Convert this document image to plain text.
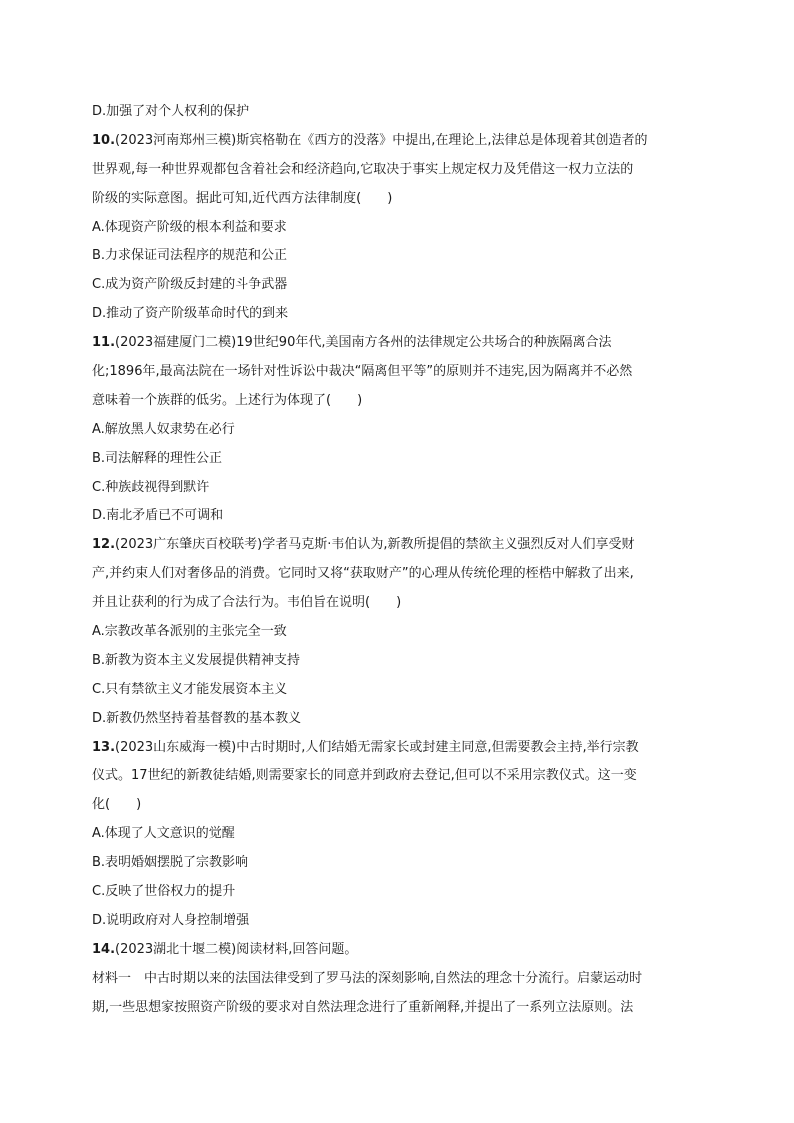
D.加强了对个人权利的保护
10.(2023河南郑州三模)斯宾格勒在《西方的没落》中提出,在理论上,法律总是体现着其创造者的
世界观,每一种世界观都包含着社会和经济趋向,它取决于事实上规定权力及凭借这一权力立法的
阶级的实际意图。据此可知,近代西方法律制度(　　)
A.体现资产阶级的根本利益和要求
B.力求保证司法程序的规范和公正
C.成为资产阶级反封建的斗争武器
D.推动了资产阶级革命时代的到来
11.(2023福建厦门二模)19世纪90年代,美国南方各州的法律规定公共场合的种族隔离合法
化;1896年,最高法院在一场针对性诉讼中裁决“隔离但平等”的原则并不违宪,因为隔离并不必然
意味着一个族群的低劣。上述行为体现了(　　)
A.解放黑人奴隶势在必行
B.司法解释的理性公正
C.种族歧视得到默许
D.南北矛盾已不可调和
12.(2023广东肇庆百校联考)学者马克斯·韦伯认为,新教所提倡的禁欲主义强烈反对人们享受财
产,并约束人们对奢侈品的消费。它同时又将“获取财产”的心理从传统伦理的桎梏中解救了出来,
并且让获利的行为成了合法行为。韦伯旨在说明(　　)
A.宗教改革各派别的主张完全一致
B.新教为资本主义发展提供精神支持
C.只有禁欲主义才能发展资本主义
D.新教仍然坚持着基督教的基本教义
13.(2023山东威海一模)中古时期时,人们结婚无需家长或封建主同意,但需要教会主持,举行宗教
仪式。17世纪的新教徒结婚,则需要家长的同意并到政府去登记,但可以不采用宗教仪式。这一变
化(　　)
A.体现了人文意识的觉醒
B.表明婚姻摆脱了宗教影响
C.反映了世俗权力的提升
D.说明政府对人身控制增强
14.(2023湖北十堰二模)阅读材料,回答问题。
材料一　中古时期以来的法国法律受到了罗马法的深刻影响,自然法的理念十分流行。启蒙运动时
期,一些思想家按照资产阶级的要求对自然法理念进行了重新阐释,并提出了一系列立法原则。法
